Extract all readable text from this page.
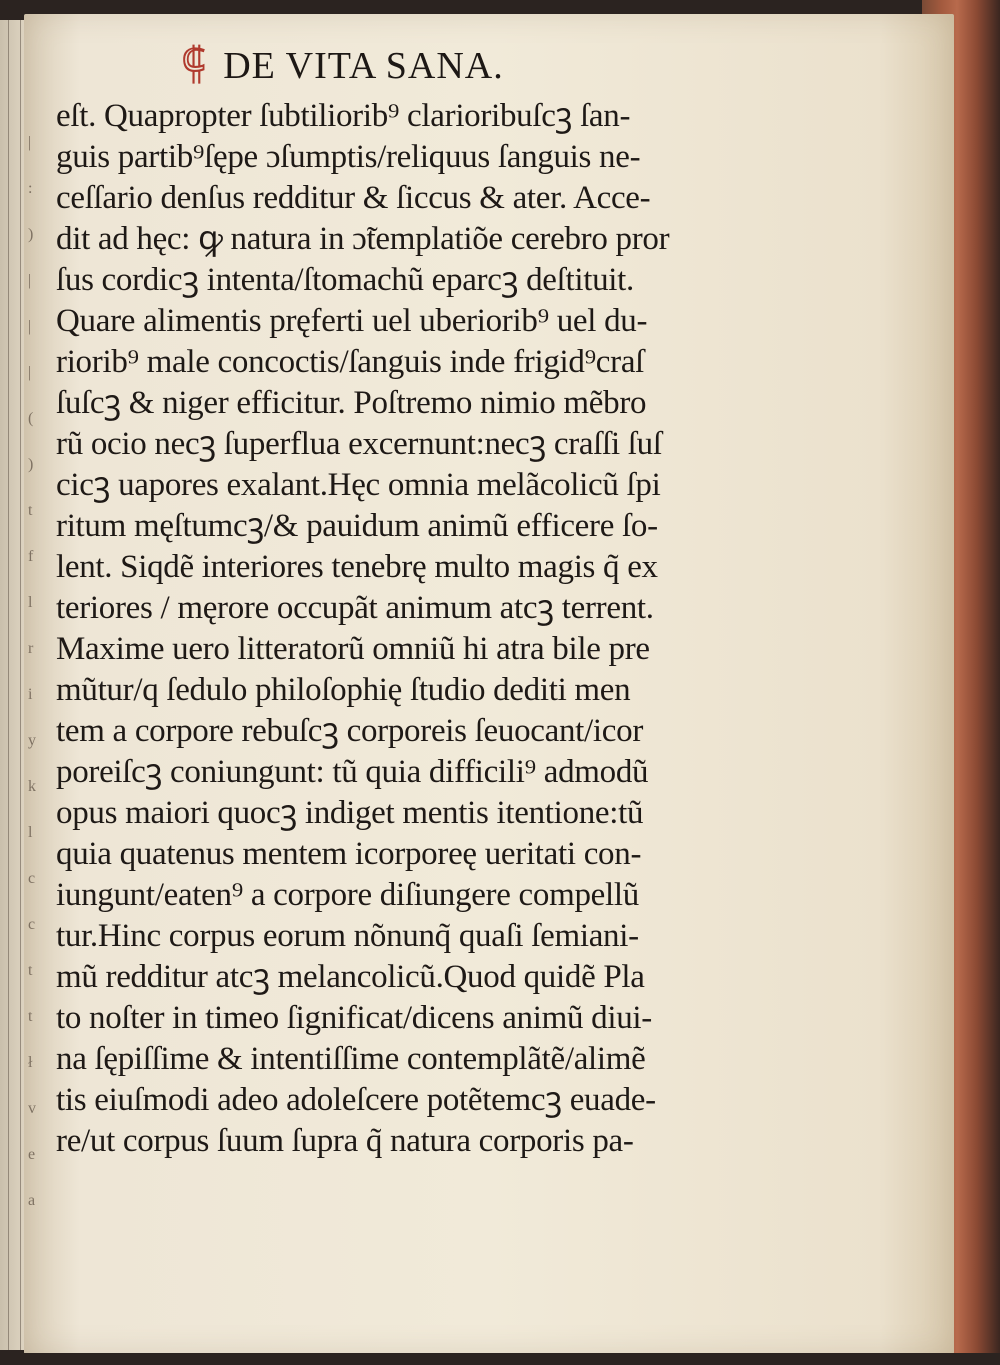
|
:
)
|
|
|
(
)
t
f
l
r
i
y
k
l
c
c
t
t
ł
v
e
a
⸿ DE VITA SANA.
eſt. Quapropter ſubtiliorib⁹ clarioribuſcꝫ ſan-
guis partib⁹ſępe ɔſumptis/reliquus ſanguis ne-
ceſſario denſus redditur & ſiccus & ater. Acce-
dit ad hęc: ꝙ natura in ɔ̃templatiõe cerebro pror
ſus cordicꝫ intenta/ſtomachũ eparcꝫ deſtituit.
Quare alimentis pręferti uel uberiorib⁹ uel du-
riorib⁹ male concoctis/ſanguis inde frigid⁹craſ
ſuſcꝫ & niger efficitur. Poſtremo nimio mẽbro
rũ ocio necꝫ ſuperflua excernunt:necꝫ craſſi ſuſ
cicꝫ uapores exalant.Hęc omnia melãcolicũ ſpi
ritum męſtumcꝫ/& pauidum animũ efficere ſo-
lent. Siqdẽ interiores tenebrę multo magis q̃ ex
teriores / męrore occupãt animum atcꝫ terrent.
Maxime uero litteratorũ omniũ hi atra bile pre
mũtur/q ſedulo philoſophię ſtudio dediti men
tem a corpore rebuſcꝫ corporeis ſeuocant/icor
poreiſcꝫ coniungunt: tũ quia difficili⁹ admodũ
opus maiori quocꝫ indiget mentis itentione:tũ
quia quatenus mentem icorporeę ueritati con-
iungunt/eaten⁹ a corpore diſiungere compellũ
tur.Hinc corpus eorum nõnunq̃ quaſi ſemiani-
mũ redditur atcꝫ melancolicũ.Quod quidẽ Pla
to noſter in timeo ſignificat/dicens animũ diui-
na ſępiſſime & intentiſſime contemplãtẽ/alimẽ
tis eiuſmodi adeo adoleſcere potẽtemcꝫ euade-
re/ut corpus ſuum ſupra q̃ natura corporis pa-
